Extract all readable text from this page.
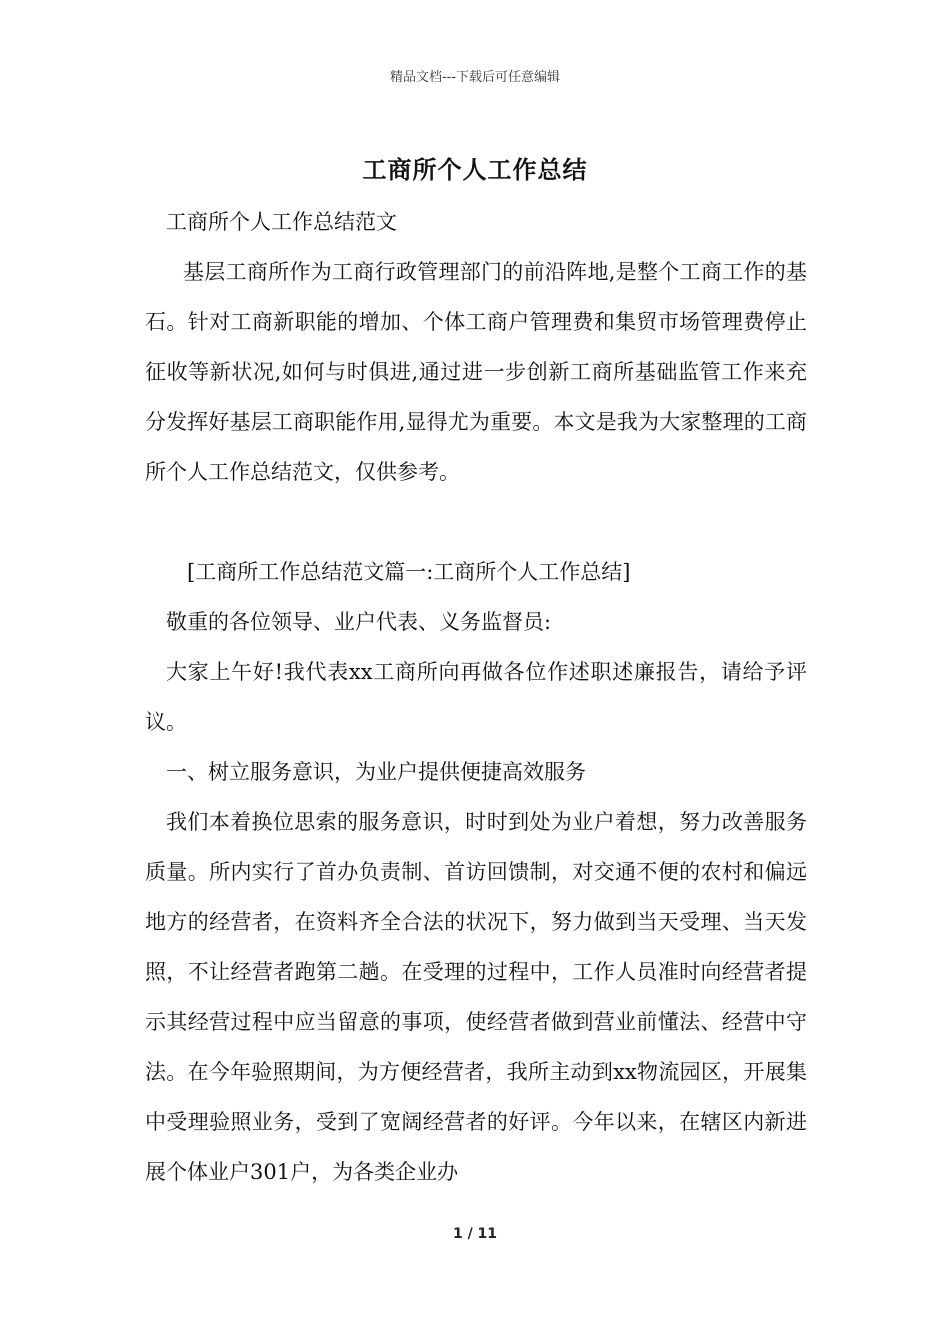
精品文档---下载后可任意编辑
工商所个人工作总结

工商所个人工作总结范文

基层工商所作为工商行政管理部门的前沿阵地,是整个工商工作的基石。针对工商新职能的增加、个体工商户管理费和集贸市场管理费停止征收等新状况,如何与时俱进,通过进一步创新工商所基础监管工作来充分发挥好基层工商职能作用,显得尤为重要。本文是我为大家整理的工商所个人工作总结范文，仅供参考。

[工商所工作总结范文篇一:工商所个人工作总结]

敬重的各位领导、业户代表、义务监督员:

大家上午好!我代表xx工商所向再做各位作述职述廉报告，请给予评议。

一、树立服务意识，为业户提供便捷高效服务

我们本着换位思索的服务意识，时时到处为业户着想，努力改善服务质量。所内实行了首办负责制、首访回馈制，对交通不便的农村和偏远地方的经营者，在资料齐全合法的状况下，努力做到当天受理、当天发照，不让经营者跑第二趟。在受理的过程中，工作人员准时向经营者提示其经营过程中应当留意的事项，使经营者做到营业前懂法、经营中守法。在今年验照期间，为方便经营者，我所主动到xx物流园区，开展集中受理验照业务，受到了宽阔经营者的好评。今年以来，在辖区内新进展个体业户301户，为各类企业办

1 / 11
